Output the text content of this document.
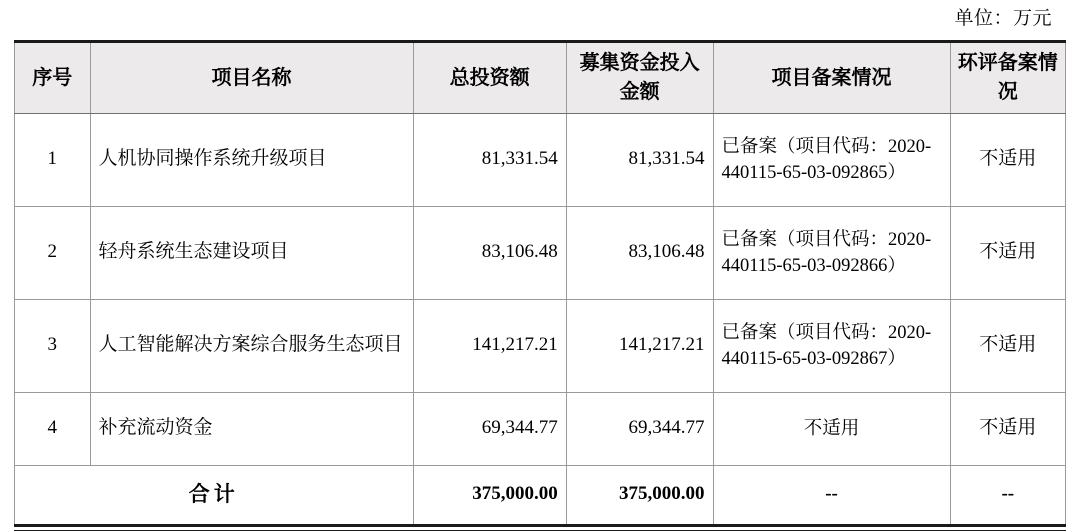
单位：万元
序号	项目名称	总投资额	募集资金投入金额	项目备案情况	环评备案情况
1	人机协同操作系统升级项目	81,331.54	81,331.54	已备案（项目代码：2020-440115-65-03-092865）	不适用
2	轻舟系统生态建设项目	83,106.48	83,106.48	已备案（项目代码：2020-440115-65-03-092866）	不适用
3	人工智能解决方案综合服务生态项目	141,217.21	141,217.21	已备案（项目代码：2020-440115-65-03-092867）	不适用
4	补充流动资金	69,344.77	69,344.77	不适用	不适用
合计		375,000.00	375,000.00	--	--
